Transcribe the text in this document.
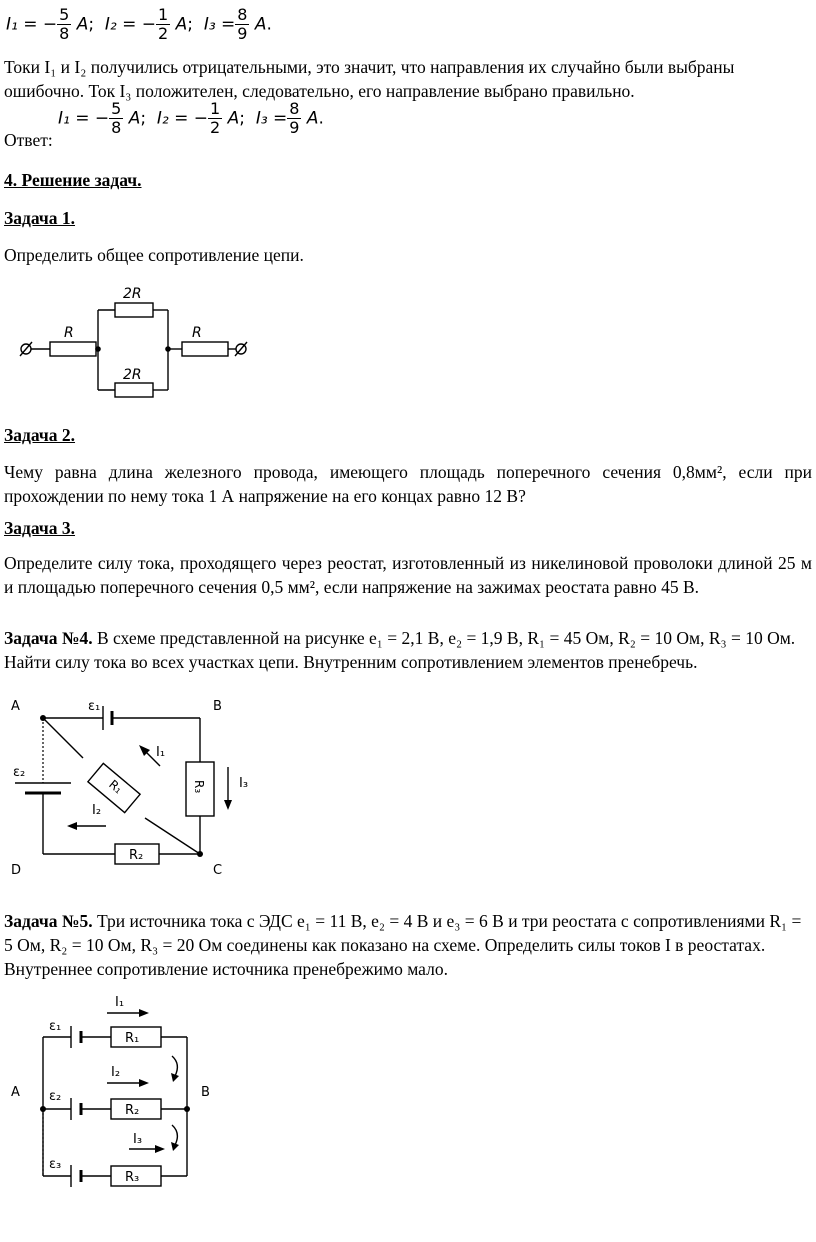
I₁ = − $\frac{5}{8} A$; I₂ = − $\frac{1}{2} A$; $I_3 = \frac{8}{9} A$.
Токи I₁ и I₂ получились отрицательными, это значит, что направления их случайно были выбраны ошибочно. Ток I₃ положителен, следовательно, его направление выбрано правильно.
Ответ:
I₁ = − $\frac{5}{8} A$; I₂ = − $\frac{1}{2} A$; $I_3 = \frac{8}{9} A$.
4. Решение задач.
Задача 1.
Определить общее сопротивление цепи.
R	R
2R
2R
Задача 2.
Чему равна длина железного провода, имеющего площадь поперечного сечения 0,8мм², если при прохождении по нему тока 1 А напряжение на его концах равно 12 В?
Задача 3.
Определите силу тока, проходящего через реостат, изготовленный из никелиновой проволоки длиной 25 м и площадью поперечного сечения 0,5 мм², если напряжение на зажимах реостата равно 45 В.
Задача №4. В схеме представленной на рисунке e₁ = 2,1 В, e₂ = 1,9 В, R₁ = 45 Ом, R₂ = 10 Ом, R₃ = 10 Ом. Найти силу тока во всех участках цепи. Внутренним сопротивлением элементов пренебречь.
A	B
D	C
ε₁
ε₂
I₁
I₂
I₃
R₂
R₃
R₁
Задача №5. Три источника тока с ЭДС e₁ = 11 В, e₂ = 4 В и e₃ = 6 В и три реостата с сопротивлениями R₁ = 5 Ом, R₂ = 10 Ом, R₃ = 20 Ом соединены как показано на схеме. Определить силы токов I в реостатах. Внутреннее сопротивление источника пренебрежимо мало.
A	B
ε₁
ε₂
ε₃
I₁
I₂
I₃
R₁
R₂
R₃
